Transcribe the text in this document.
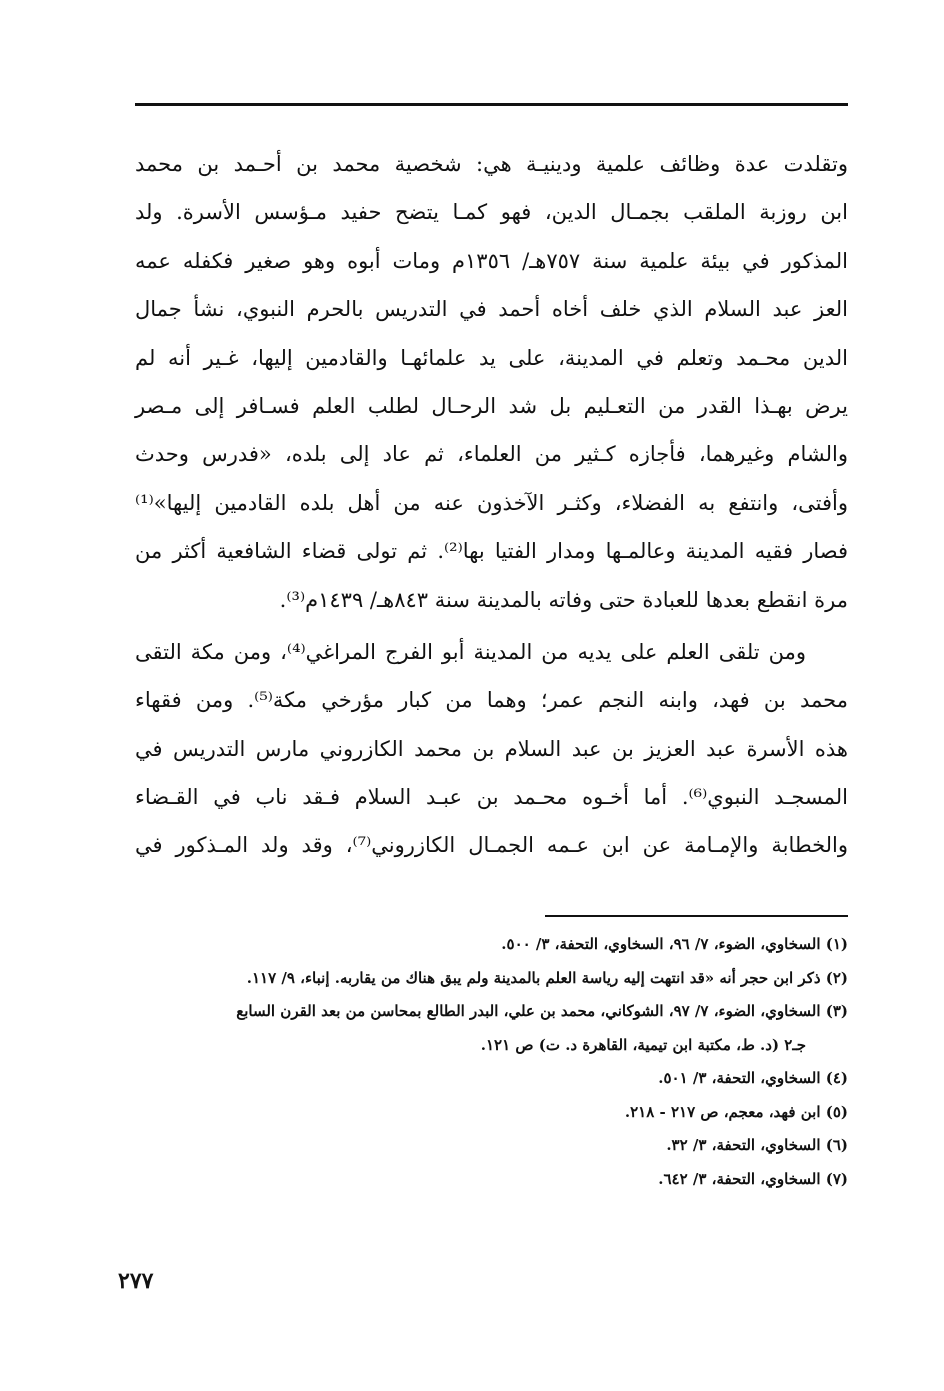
وتقلدت عدة وظائف علمية ودينيـة هي: شخصية محمد بن أحـمد بن محمد
ابن روزبة الملقب بجمـال الدين، فهو كمـا يتضح حفيد مـؤسس الأسرة. ولد
المذكور في بيئة علمية سنة ٧٥٧هـ/ ١٣٥٦م ومات أبوه وهو صغير فكفله عمه
العز عبد السلام الذي خلف أخاه أحمد في التدريس بالحرم النبوي، نشأ جمال
الدين محـمد وتعلم في المدينة، على يد علمائهـا والقادمين إليها، غـير أنه لم
يرض بهـذا القدر من التعـليم بل شد الرحـال لطلب العلم فسـافر إلى مـصر
والشام وغيرهما، فأجازه كـثير من العلماء، ثم عاد إلى بلده، «فدرس وحدث
وأفتى، وانتفع به الفضلاء، وكثـر الآخذون عنه من أهل بلده القادمين إليها»⁽¹⁾
فصار فقيه المدينة وعالمـها ومدار الفتيا بها⁽²⁾. ثم تولى قضاء الشافعية أكثر من
مرة انقطع بعدها للعبادة حتى وفاته بالمدينة سنة ٨٤٣هـ/ ١٤٣٩م⁽³⁾.
ومن تلقى العلم على يديه من المدينة أبو الفرج المراغي⁽⁴⁾، ومن مكة التقى
محمد بن فهد، وابنه النجم عمر؛ وهما من كبار مؤرخي مكة⁽⁵⁾. ومن فقهاء
هذه الأسرة عبد العزيز بن عبد السلام بن محمد الكازروني مارس التدريس في
المسجـد النبوي⁽⁶⁾. أما أخـوه محـمد بن عبـد السلام فـقد ناب في القـضاء
والخطابة والإمـامة عن ابن عـمه الجمـال الكازروني⁽⁷⁾، وقد ولد المـذكور في
(١) السخاوي، الضوء، ٧/ ٩٦، السخاوي، التحفة، ٣/ ٥٠٠.
(٢) ذكر ابن حجر أنه «قد انتهت إليه رياسة العلم بالمدينة ولم يبق هناك من يقاربه. إنباء، ٩/ ١١٧.
(٣) السخاوي، الضوء، ٧/ ٩٧، الشوكاني، محمد بن علي، البدر الطالع بمحاسن من بعد القرن السابع
جـ٢ (د. ط، مكتبة ابن تيمية، القاهرة د. ت) ص ١٢١.
(٤) السخاوي، التحفة، ٣/ ٥٠١.
(٥) ابن فهد، معجم، ص ٢١٧ - ٢١٨.
(٦) السخاوي، التحفة، ٣/ ٣٢.
(٧) السخاوي، التحفة، ٣/ ٦٤٢.
٢٧٧
